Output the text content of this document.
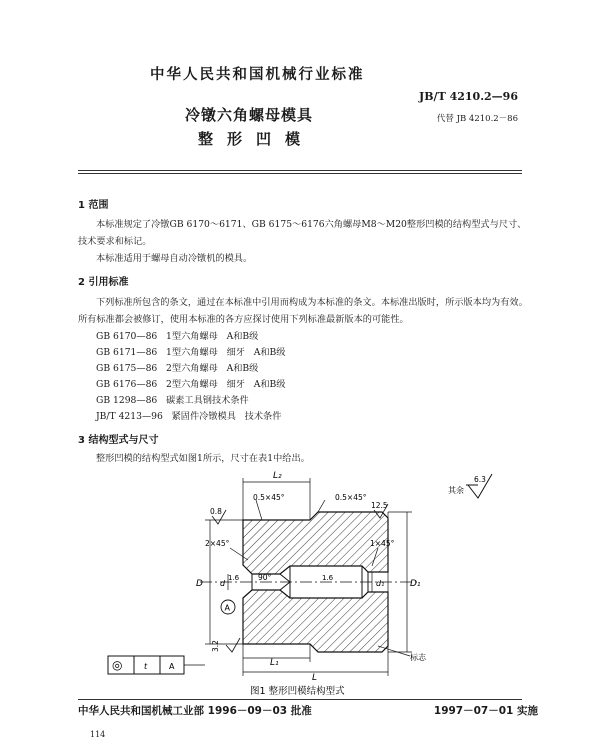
中华人民共和国机械行业标准
JB/T 4210.2—96
冷镦六角螺母模具	代替 JB 4210.2－86
整形凹模
1 范围

本标准规定了冷镦GB 6170～6171、GB 6175～6176六角螺母M8～M20整形凹模的结构型式与尺寸、技术要求和标记。

本标准适用于螺母自动冷镦机的模具。

2 引用标准

下列标准所包含的条文，通过在本标准中引用而构成为本标准的条文。本标准出版时，所示版本均为有效。所有标准都会被修订，使用本标准的各方应探讨使用下列标准最新版本的可能性。

GB 6170—86   1型六角螺母   A和B级
GB 6171—86   1型六角螺母   细牙   A和B级
GB 6175—86   2型六角螺母   A和B级
GB 6176—86   2型六角螺母   细牙   A和B级
GB 1298—86   碳素工具钢技术条件
JB/T 4213—96   紧固件冷镦模具   技术条件
3 结构型式与尺寸

整形凹模的结构型式如图1所示，尺寸在表1中给出。

L₂
L₁
L
D d	d₁	D₁
0.5×45°	0.5×45°
2×45°	1×45°
90°
1.6	1.6
0.8
12.5
3.2
标志
A
其余
6.3
◎	t	A
图1 整形凹模结构型式
中华人民共和国机械工业部 1996－09－03 批准	1997－07－01 实施
114
